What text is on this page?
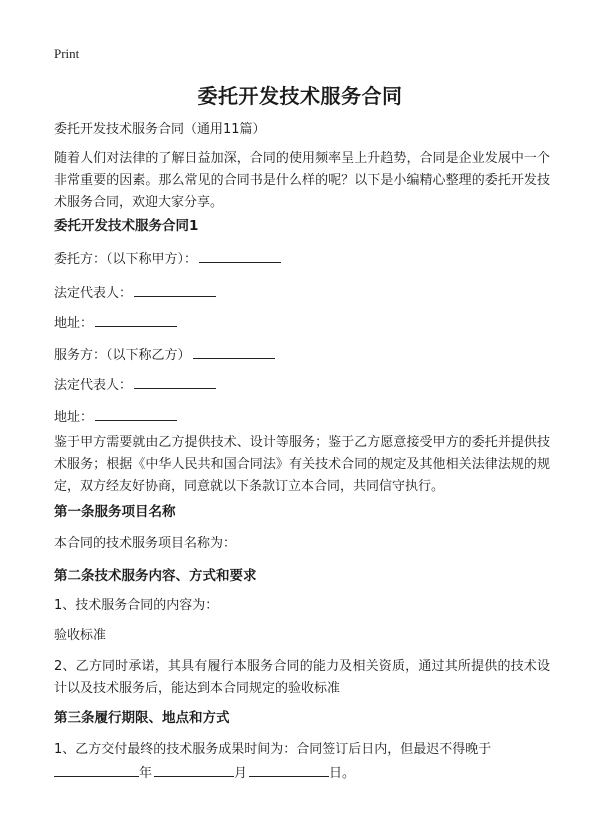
Print
委托开发技术服务合同
委托开发技术服务合同（通用11篇）
随着人们对法律的了解日益加深，合同的使用频率呈上升趋势，合同是企业发展中一个非常重要的因素。那么常见的合同书是什么样的呢？以下是小编精心整理的委托开发技术服务合同，欢迎大家分享。
委托开发技术服务合同1
委托方：（以下称甲方）：
法定代表人：
地址：
服务方：（以下称乙方）
法定代表人：
地址：
鉴于甲方需要就由乙方提供技术、设计等服务；鉴于乙方愿意接受甲方的委托并提供技术服务；根据《中华人民共和国合同法》有关技术合同的规定及其他相关法律法规的规定，双方经友好协商，同意就以下条款订立本合同，共同信守执行。
第一条服务项目名称
本合同的技术服务项目名称为：
第二条技术服务内容、方式和要求
1、技术服务合同的内容为：
验收标准
2、乙方同时承诺，其具有履行本服务合同的能力及相关资质，通过其所提供的技术设计以及技术服务后，能达到本合同规定的验收标准
第三条履行期限、地点和方式
1、乙方交付最终的技术服务成果时间为：合同签订后日内，但最迟不得晚于
年	月	日。
